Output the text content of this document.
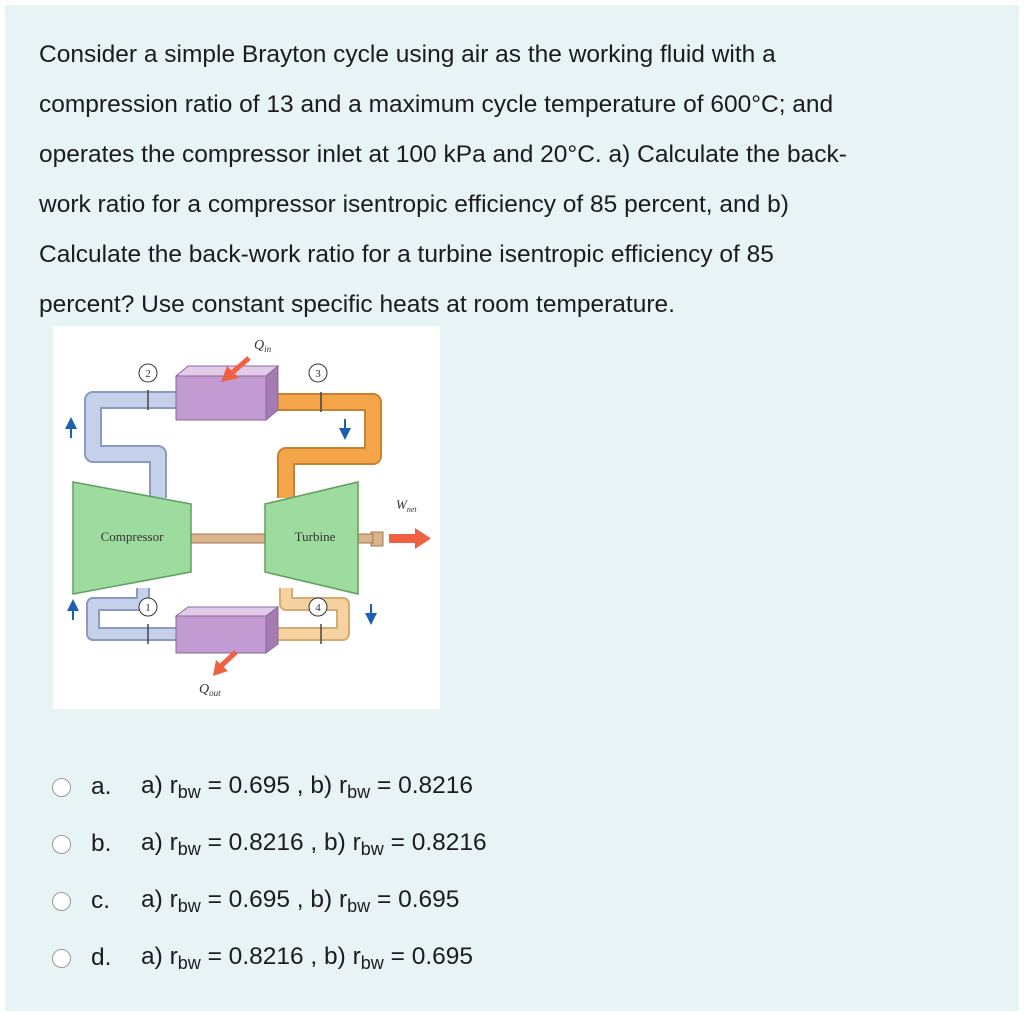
Consider a simple Brayton cycle using air as the working fluid with a
compression ratio of 13 and a maximum cycle temperature of 600°C; and
operates the compressor inlet at 100 kPa and 20°C. a) Calculate the back-
work ratio for a compressor isentropic efficiency of 85 percent, and b)
Calculate the back-work ratio for a turbine isentropic efficiency of 85
percent? Use constant specific heats at room temperature.
Compressor	Turbine
2	3
1	4
$Q_{in}$
$Q_{out}$
$W_{net}$
a.	a) $r_{bw} = 0.695$ , b) $r_{bw} = 0.8216$
b.	a) $r_{bw} = 0.8216$ , b) $r_{bw} = 0.8216$
c.	a) $r_{bw} = 0.695$ , b) $r_{bw} = 0.695$
d.	a) $r_{bw} = 0.8216$ , b) $r_{bw} = 0.695$
